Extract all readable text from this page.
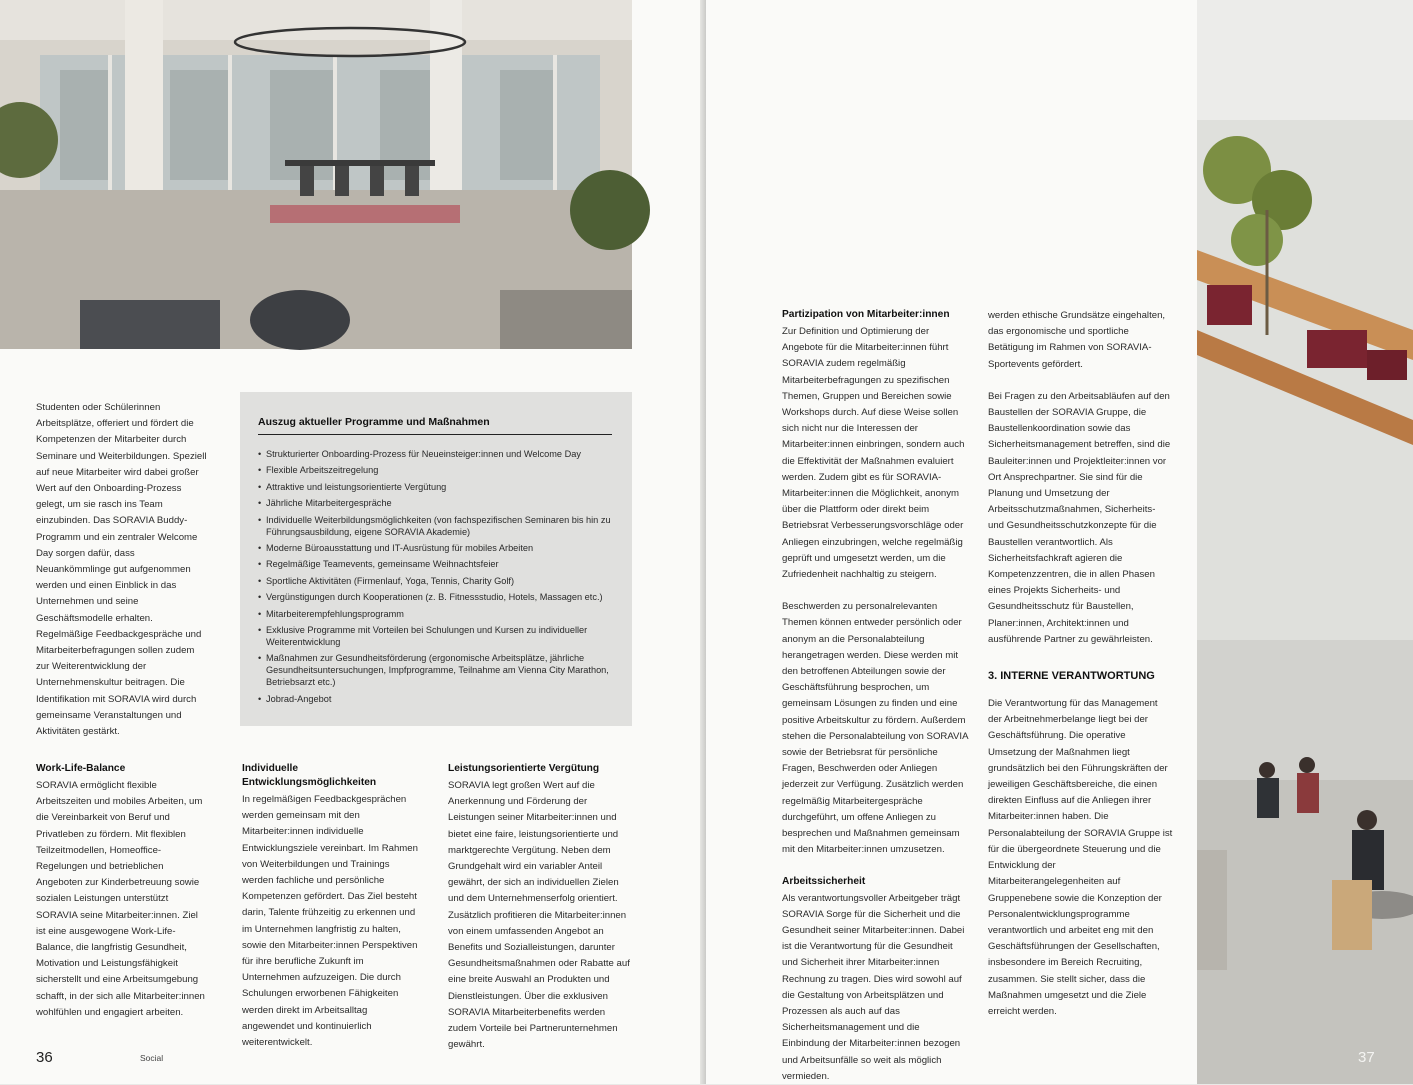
Studenten oder Schülerinnen Arbeitsplätze, offeriert und fördert die Kompetenzen der Mitarbeiter durch Seminare und Weiterbildungen. Speziell auf neue Mitarbeiter wird dabei großer Wert auf den Onboarding-Prozess gelegt, um sie rasch ins Team einzubinden. Das SORAVIA Buddy-Programm und ein zentraler Welcome Day sorgen dafür, dass Neuankömmlinge gut aufgenommen werden und einen Einblick in das Unternehmen und seine Geschäftsmodelle erhalten. Regelmäßige Feedbackgespräche und Mitarbeiterbefragungen sollen zudem zur Weiterentwicklung der Unternehmenskultur beitragen. Die Identifikation mit SORAVIA wird durch gemeinsame Veranstaltungen und Aktivitäten gestärkt.

Auszug aktueller Programme und Maßnahmen
• Strukturierter Onboarding-Prozess für Neueinsteiger:innen und Welcome Day
• Flexible Arbeitszeitregelung
• Attraktive und leistungsorientierte Vergütung
• Jährliche Mitarbeitergespräche
• Individuelle Weiterbildungsmöglichkeiten (von fachspezifischen Seminaren bis hin zu Führungsausbildung, eigene SORAVIA Akademie)
• Moderne Büroausstattung und IT-Ausrüstung für mobiles Arbeiten
• Regelmäßige Teamevents, gemeinsame Weihnachtsfeier
• Sportliche Aktivitäten (Firmenlauf, Yoga, Tennis, Charity Golf)
• Vergünstigungen durch Kooperationen (z. B. Fitnessstudio, Hotels, Massagen etc.)
• Mitarbeiterempfehlungsprogramm
• Exklusive Programme mit Vorteilen bei Schulungen und Kursen zu individueller Weiterentwicklung
• Maßnahmen zur Gesundheitsförderung (ergonomische Arbeitsplätze, jährliche Gesundheitsuntersuchungen, Impfprogramme, Teilnahme am Vienna City Marathon, Betriebsarzt etc.)
• Jobrad-Angebot
Work-Life-Balance

SORAVIA ermöglicht flexible Arbeitszeiten und mobiles Arbeiten, um die Vereinbarkeit von Beruf und Privatleben zu fördern. Mit flexiblen Teilzeitmodellen, Homeoffice-Regelungen und betrieblichen Angeboten zur Kinderbetreuung sowie sozialen Leistungen unterstützt SORAVIA seine Mitarbeiter:innen. Ziel ist eine ausgewogene Work-Life-Balance, die langfristig Gesundheit, Motivation und Leistungsfähigkeit sicherstellt und eine Arbeitsumgebung schafft, in der sich alle Mitarbeiter:innen wohlfühlen und engagiert arbeiten.

Individuelle Entwicklungsmöglichkeiten

In regelmäßigen Feedbackgesprächen werden gemeinsam mit den Mitarbeiter:innen individuelle Entwicklungsziele vereinbart. Im Rahmen von Weiterbildungen und Trainings werden fachliche und persönliche Kompetenzen gefördert. Das Ziel besteht darin, Talente frühzeitig zu erkennen und im Unternehmen langfristig zu halten, sowie den Mitarbeiter:innen Perspektiven für ihre berufliche Zukunft im Unternehmen aufzuzeigen. Die durch Schulungen erworbenen Fähigkeiten werden direkt im Arbeitsalltag angewendet und kontinuierlich weiterentwickelt.

Leistungsorientierte Vergütung

SORAVIA legt großen Wert auf die Anerkennung und Förderung der Leistungen seiner Mitarbeiter:innen und bietet eine faire, leistungsorientierte und marktgerechte Vergütung. Neben dem Grundgehalt wird ein variabler Anteil gewährt, der sich an individuellen Zielen und dem Unternehmenserfolg orientiert. Zusätzlich profitieren die Mitarbeiter:innen von einem umfassenden Angebot an Benefits und Sozialleistungen, darunter Gesundheitsmaßnahmen oder Rabatte auf eine breite Auswahl an Produkten und Dienstleistungen. Über die exklusiven SORAVIA Mitarbeiterbenefits werden zudem Vorteile bei Partnerunternehmen gewährt.

36	Social
Partizipation von Mitarbeiter:innen

Zur Definition und Optimierung der Angebote für die Mitarbeiter:innen führt SORAVIA zudem regelmäßig Mitarbeiterbefragungen zu spezifischen Themen, Gruppen und Bereichen sowie Workshops durch. Auf diese Weise sollen sich nicht nur die Interessen der Mitarbeiter:innen einbringen, sondern auch die Effektivität der Maßnahmen evaluiert werden. Zudem gibt es für SORAVIA-Mitarbeiter:innen die Möglichkeit, anonym über die Plattform oder direkt beim Betriebsrat Verbesserungsvorschläge oder Anliegen einzubringen, welche regelmäßig geprüft und umgesetzt werden, um die Zufriedenheit nachhaltig zu steigern.

Beschwerden zu personalrelevanten Themen können entweder persönlich oder anonym an die Personalabteilung herangetragen werden. Diese werden mit den betroffenen Abteilungen sowie der Geschäftsführung besprochen, um gemeinsam Lösungen zu finden und eine positive Arbeitskultur zu fördern. Außerdem stehen die Personalabteilung von SORAVIA sowie der Betriebsrat für persönliche Fragen, Beschwerden oder Anliegen jederzeit zur Verfügung. Zusätzlich werden regelmäßig Mitarbeitergespräche durchgeführt, um offene Anliegen zu besprechen und Maßnahmen gemeinsam mit den Mitarbeiter:innen umzusetzen.

Arbeitssicherheit

Als verantwortungsvoller Arbeitgeber trägt SORAVIA Sorge für die Sicherheit und die Gesundheit seiner Mitarbeiter:innen. Dabei ist die Verantwortung für die Gesundheit und Sicherheit ihrer Mitarbeiter:innen Rechnung zu tragen. Dies wird sowohl auf die Gestaltung von Arbeitsplätzen und Prozessen als auch auf das Sicherheitsmanagement und die Einbindung der Mitarbeiter:innen bezogen und Arbeitsunfälle so weit als möglich vermieden.

werden ethische Grundsätze eingehalten, das ergonomische und sportliche Betätigung im Rahmen von SORAVIA-Sportevents gefördert.

Bei Fragen zu den Arbeitsabläufen auf den Baustellen der SORAVIA Gruppe, die Baustellenkoordination sowie das Sicherheitsmanagement betreffen, sind die Bauleiter:innen und Projektleiter:innen vor Ort Ansprechpartner. Sie sind für die Planung und Umsetzung der Arbeitsschutzmaßnahmen, Sicherheits- und Gesundheitsschutzkonzepte für die Baustellen verantwortlich. Als Sicherheitsfachkraft agieren die Kompetenzzentren, die in allen Phasen eines Projekts Sicherheits- und Gesundheitsschutz für Baustellen, Planer:innen, Architekt:innen und ausführende Partner zu gewährleisten.

3. INTERNE VERANTWORTUNG

Die Verantwortung für das Management der Arbeitnehmerbelange liegt bei der Geschäftsführung. Die operative Umsetzung der Maßnahmen liegt grundsätzlich bei den Führungskräften der jeweiligen Geschäftsbereiche, die einen direkten Einfluss auf die Anliegen ihrer Mitarbeiter:innen haben. Die Personalabteilung der SORAVIA Gruppe ist für die übergeordnete Steuerung und die Entwicklung der Mitarbeiterangelegenheiten auf Gruppenebene sowie die Konzeption der Personalentwicklungsprogramme verantwortlich und arbeitet eng mit den Geschäftsführungen der Gesellschaften, insbesondere im Bereich Recruiting, zusammen. Sie stellt sicher, dass die Maßnahmen umgesetzt und die Ziele erreicht werden.

37
